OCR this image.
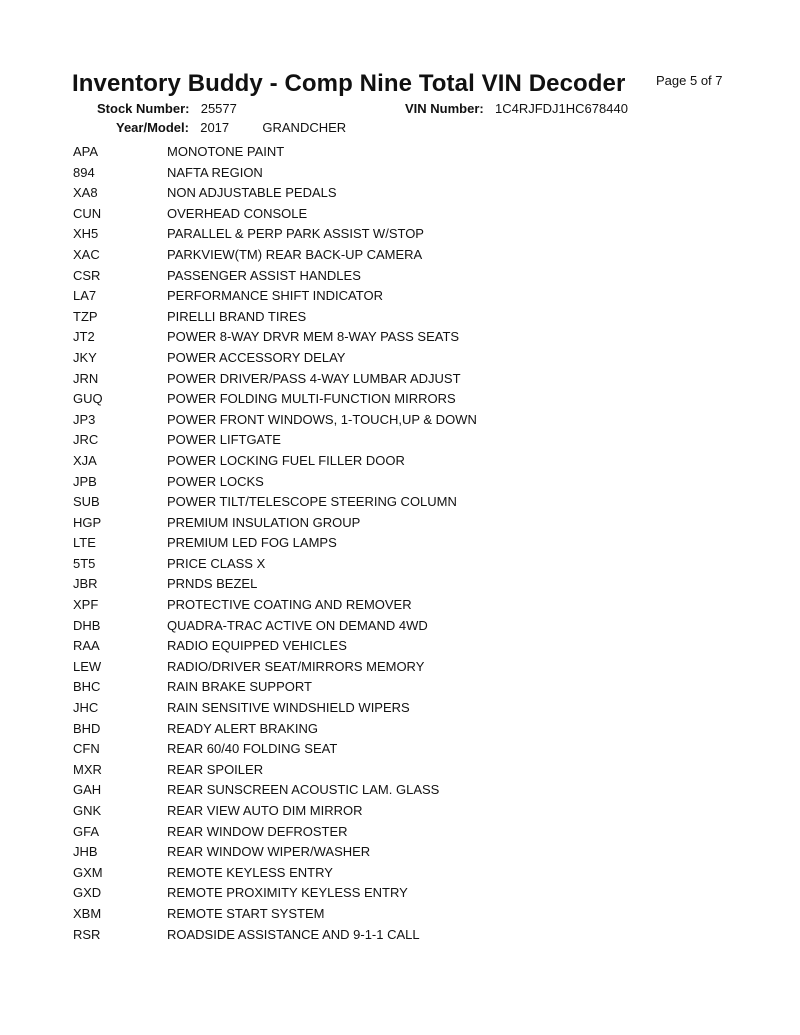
Inventory Buddy - Comp Nine Total VIN Decoder Page 5 of 7
Stock Number: 25577	VIN Number: 1C4RJFDJ1HC678440
Year/Model: 2017	GRANDCHER
APA	MONOTONE PAINT
894	NAFTA REGION
XA8	NON ADJUSTABLE PEDALS
CUN	OVERHEAD CONSOLE
XH5	PARALLEL & PERP PARK ASSIST W/STOP
XAC	PARKVIEW(TM) REAR BACK-UP CAMERA
CSR	PASSENGER ASSIST HANDLES
LA7	PERFORMANCE SHIFT INDICATOR
TZP	PIRELLI BRAND TIRES
JT2	POWER 8-WAY DRVR MEM 8-WAY PASS SEATS
JKY	POWER ACCESSORY DELAY
JRN	POWER DRIVER/PASS 4-WAY LUMBAR ADJUST
GUQ	POWER FOLDING MULTI-FUNCTION MIRRORS
JP3	POWER FRONT WINDOWS, 1-TOUCH,UP & DOWN
JRC	POWER LIFTGATE
XJA	POWER LOCKING FUEL FILLER DOOR
JPB	POWER LOCKS
SUB	POWER TILT/TELESCOPE STEERING COLUMN
HGP	PREMIUM INSULATION GROUP
LTE	PREMIUM LED FOG LAMPS
5T5	PRICE CLASS X
JBR	PRNDS BEZEL
XPF	PROTECTIVE COATING AND REMOVER
DHB	QUADRA-TRAC ACTIVE ON DEMAND 4WD
RAA	RADIO EQUIPPED VEHICLES
LEW	RADIO/DRIVER SEAT/MIRRORS MEMORY
BHC	RAIN BRAKE SUPPORT
JHC	RAIN SENSITIVE WINDSHIELD WIPERS
BHD	READY ALERT BRAKING
CFN	REAR 60/40 FOLDING SEAT
MXR	REAR SPOILER
GAH	REAR SUNSCREEN ACOUSTIC LAM. GLASS
GNK	REAR VIEW AUTO DIM MIRROR
GFA	REAR WINDOW DEFROSTER
JHB	REAR WINDOW WIPER/WASHER
GXM	REMOTE KEYLESS ENTRY
GXD	REMOTE PROXIMITY KEYLESS ENTRY
XBM	REMOTE START SYSTEM
RSR	ROADSIDE ASSISTANCE AND 9-1-1 CALL
